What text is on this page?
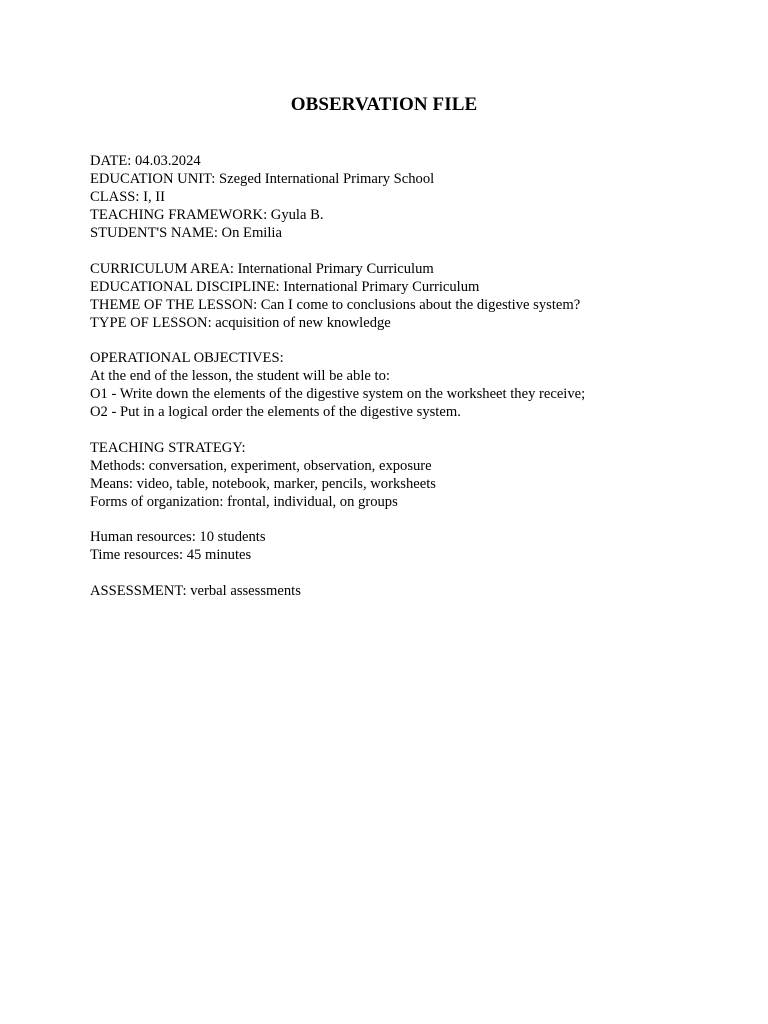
OBSERVATION FILE
DATE: 04.03.2024
EDUCATION UNIT: Szeged International Primary School
CLASS: I, II
TEACHING FRAMEWORK: Gyula B.
STUDENT'S NAME: On Emilia
CURRICULUM AREA: International Primary Curriculum
EDUCATIONAL DISCIPLINE: International Primary Curriculum
THEME OF THE LESSON: Can I come to conclusions about the digestive system?
TYPE OF LESSON: acquisition of new knowledge
OPERATIONAL OBJECTIVES:
At the end of the lesson, the student will be able to:
O1 - Write down the elements of the digestive system on the worksheet they receive;
O2 - Put in a logical order the elements of the digestive system.
TEACHING STRATEGY:
Methods: conversation, experiment, observation, exposure
Means: video, table, notebook, marker, pencils, worksheets
Forms of organization: frontal, individual, on groups
Human resources: 10 students
Time resources: 45 minutes
ASSESSMENT: verbal assessments
